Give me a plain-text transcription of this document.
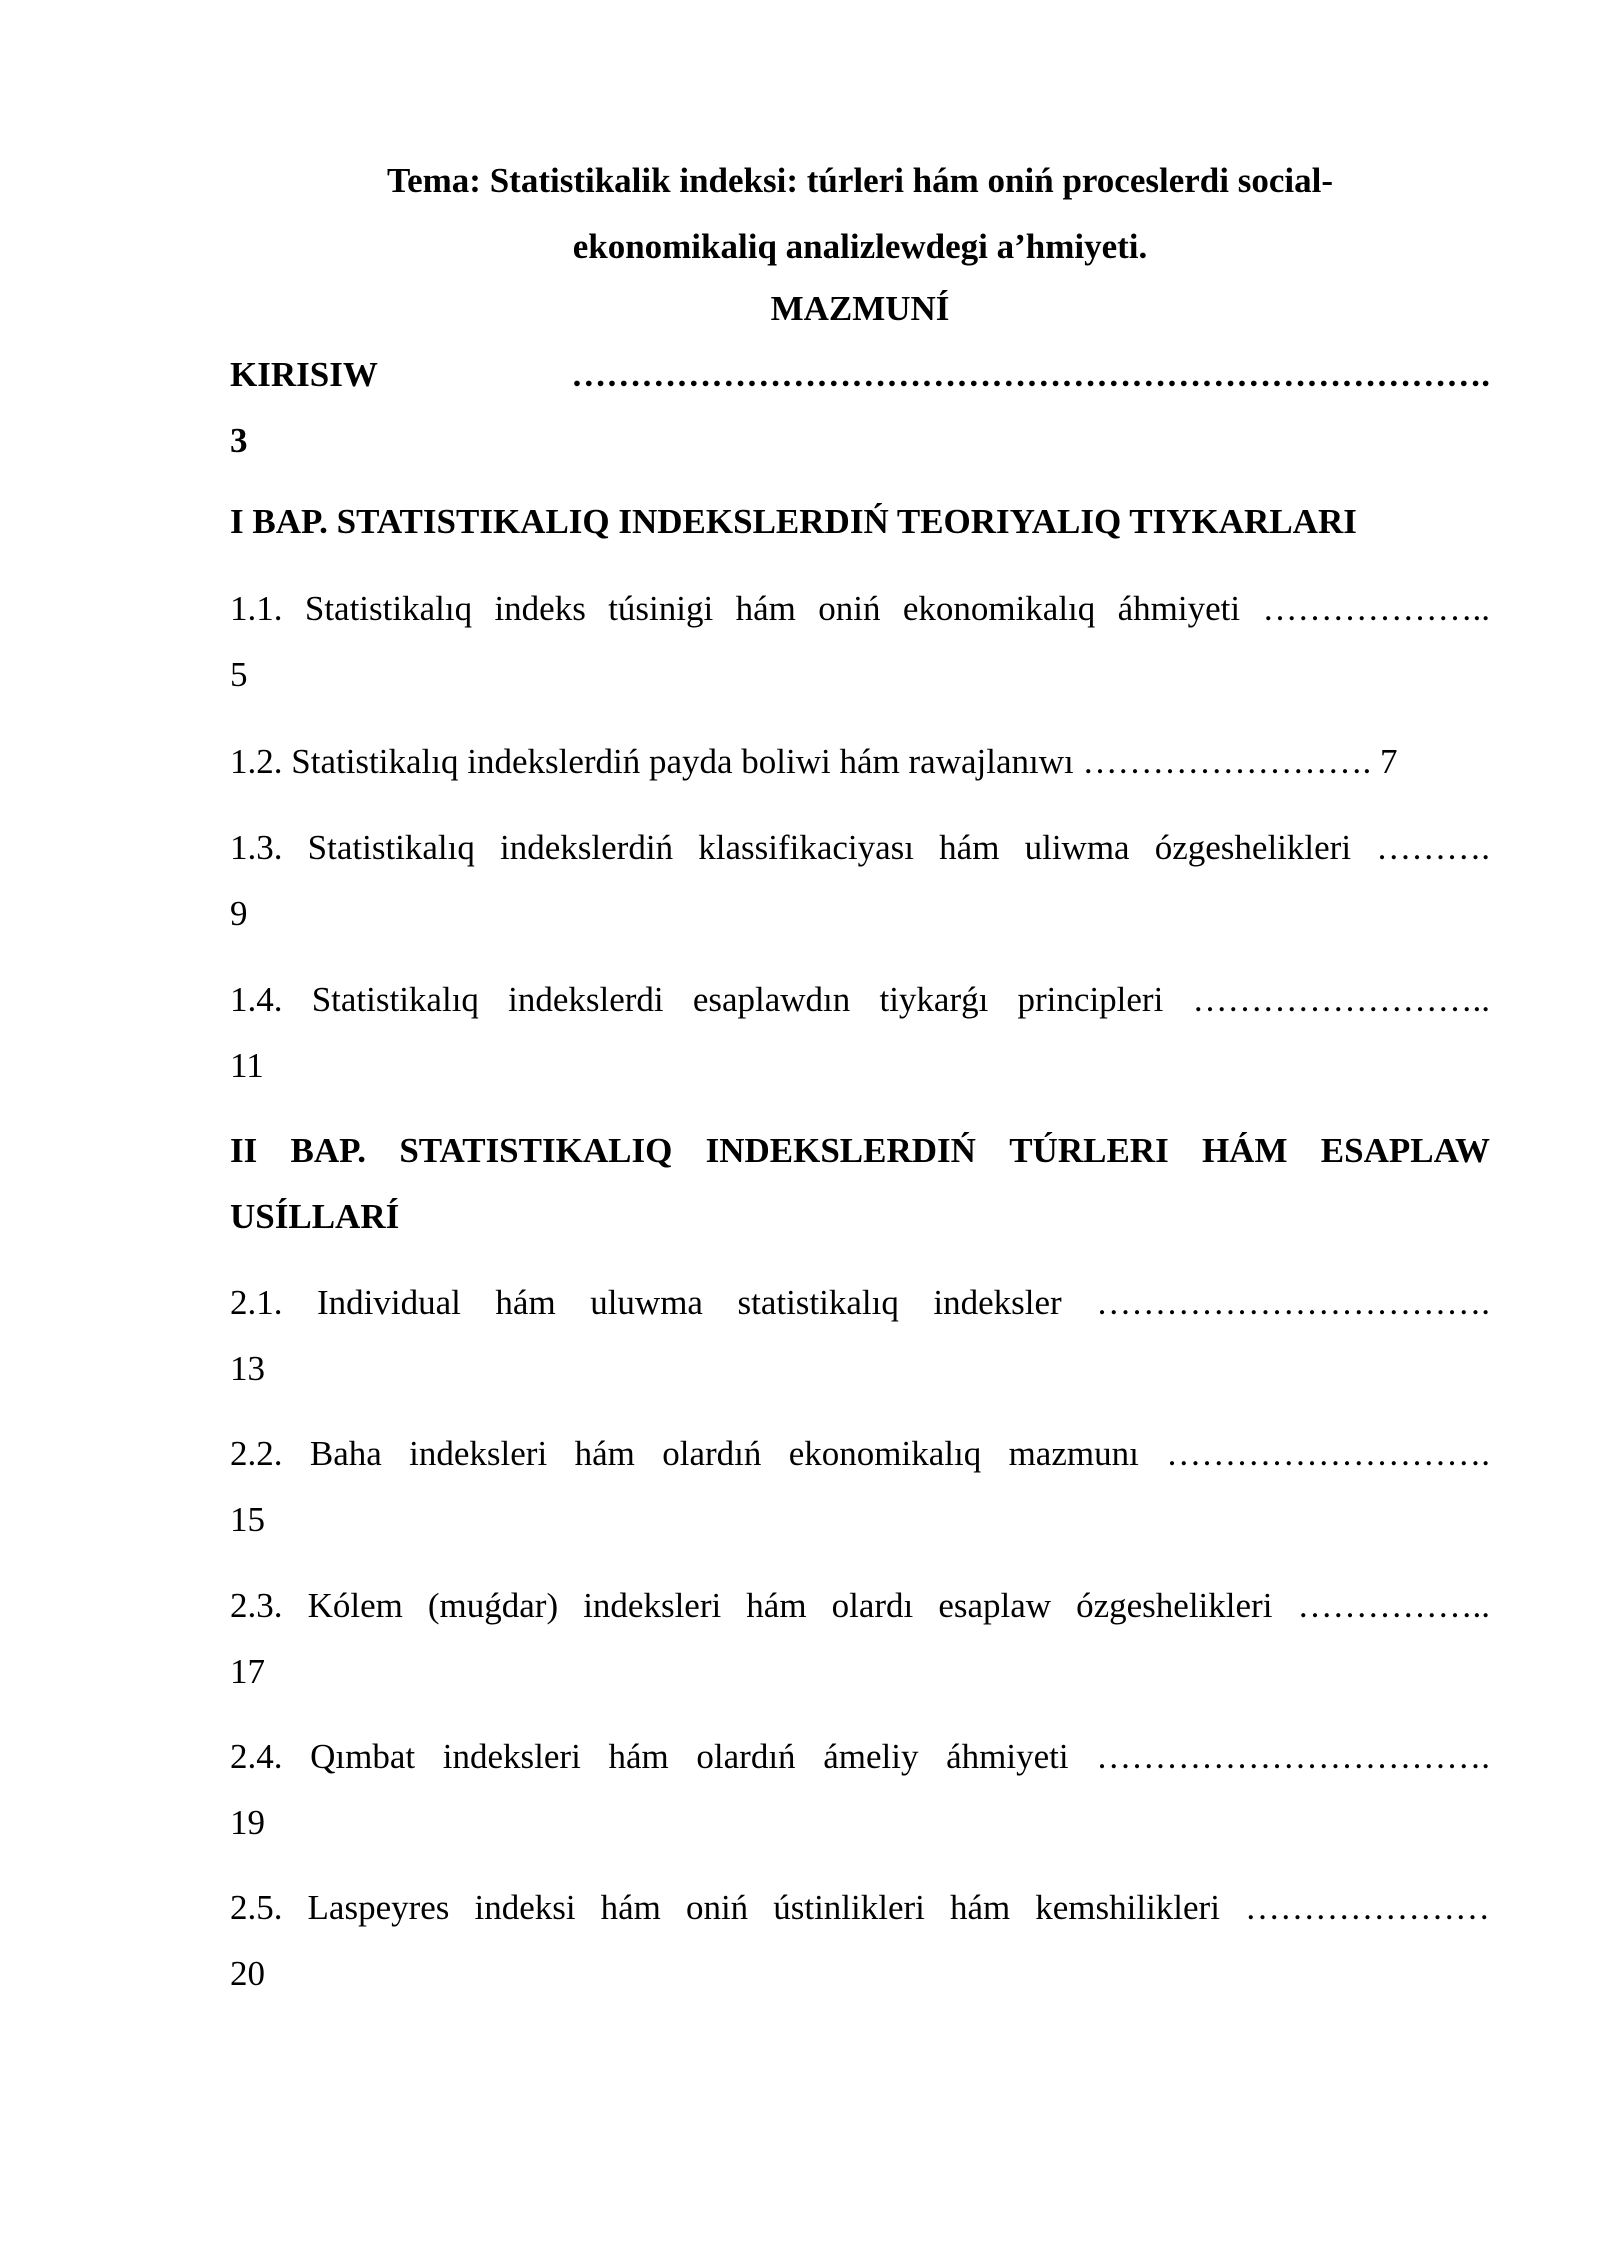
Tema: Statistikalik indeksi: túrleri hám oniń proceslerdi social-
ekonomikaliq analizlewdegi a’hmiyeti.
MAZMUNÍ
KIRISIW	…………………………………………………………………….
3
I BAP. STATISTIKALIQ INDEKSLERDIŃ TEORIYALIQ TIYKARLARI
1.1. Statistikalıq indeks túsinigi hám oniń ekonomikalıq áhmiyeti ………………..
5
1.2. Statistikalıq indekslerdiń payda boliwi hám rawajlanıwı ……………………. 7
1.3. Statistikalıq indekslerdiń klassifikaciyası hám uliwma ózgeshelikleri ……….
9
1.4. Statistikalıq indekslerdi esaplawdın tiykarǵı principleri ……………………..
11
II BAP. STATISTIKALIQ INDEKSLERDIŃ TÚRLERI HÁM ESAPLAW
USÍLLARÍ
2.1. Individual hám uluwma statistikalıq indeksler …………………………….
13
2.2. Baha indeksleri hám olardıń ekonomikalıq mazmunı ……………………….
15
2.3. Kólem (muǵdar) indeksleri hám olardı esaplaw ózgeshelikleri ……………..
17
2.4. Qımbat indeksleri hám olardıń ámeliy áhmiyeti …………………………….
19
2.5. Laspeyres indeksi hám oniń ústinlikleri hám kemshilikleri …………………
20
